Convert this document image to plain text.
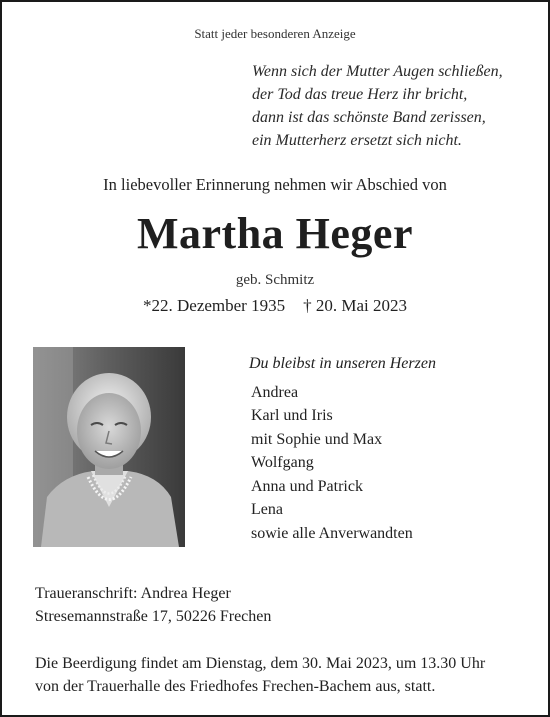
Statt jeder besonderen Anzeige
Wenn sich der Mutter Augen schließen,
der Tod das treue Herz ihr bricht,
dann ist das schönste Band zerissen,
ein Mutterherz ersetzt sich nicht.
In liebevoller Erinnerung nehmen wir Abschied von
Martha Heger
geb. Schmitz
*22. Dezember 1935 † 20. Mai 2023
Du bleibst in unseren Herzen
Andrea
Karl und Iris
mit Sophie und Max
Wolfgang
Anna und Patrick
Lena
sowie alle Anverwandten
Traueranschrift: Andrea Heger
Stresemannstraße 17, 50226 Frechen
Die Beerdigung findet am Dienstag, dem 30. Mai 2023, um 13.30 Uhr
von der Trauerhalle des Friedhofes Frechen-Bachem aus, statt.
